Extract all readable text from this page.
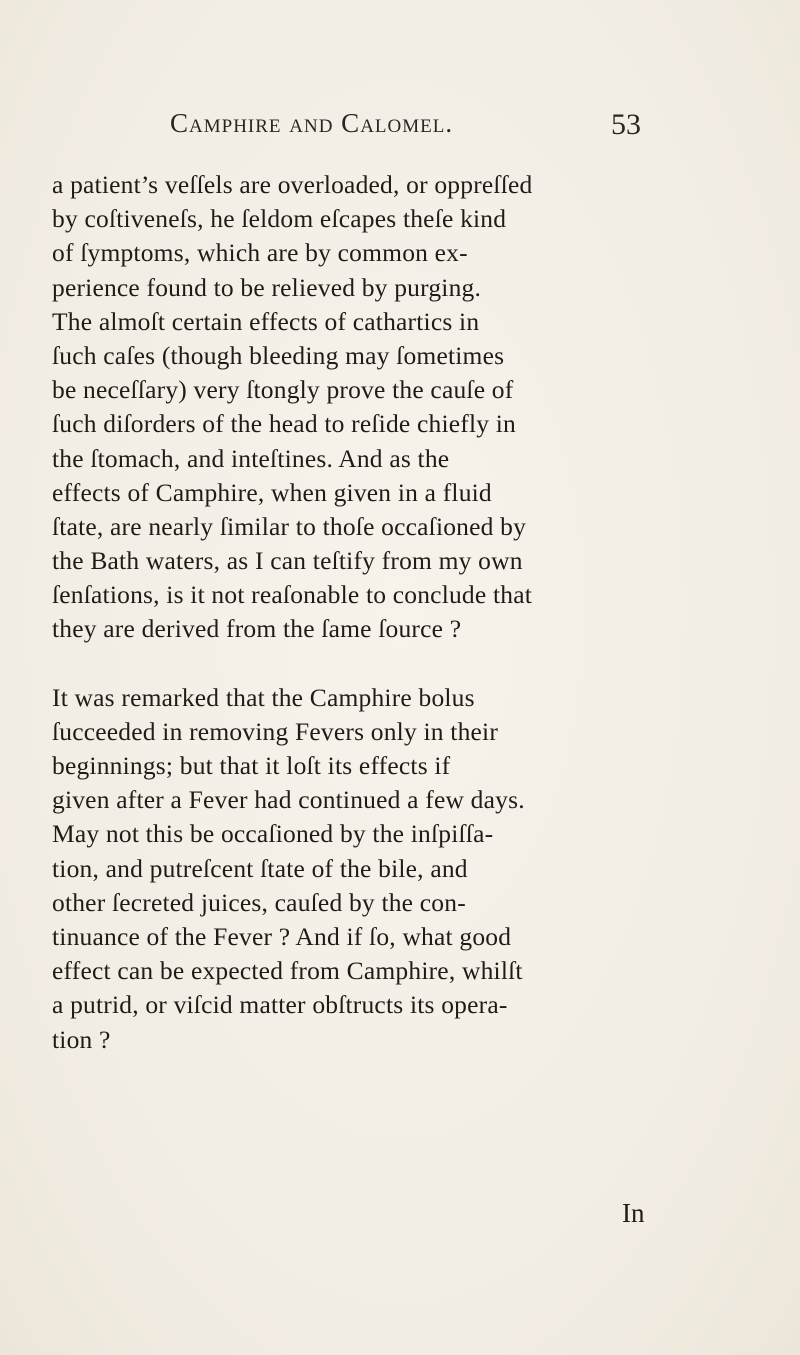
Camphire and Calomel.	53
a patient’s veſſels are overloaded, or oppreſſed
by coſtiveneſs, he ſeldom eſcapes theſe kind
of ſymptoms, which are by common ex-
perience found to be relieved by purging.
The almoſt certain effects of cathartics in
ſuch caſes (though bleeding may ſometimes
be neceſſary) very ſtongly prove the cauſe of
ſuch diſorders of the head to reſide chiefly in
the ſtomach, and inteſtines. And as the
effects of Camphire, when given in a fluid
ſtate, are nearly ſimilar to thoſe occaſioned by
the Bath waters, as I can teſtify from my own
ſenſations, is it not reaſonable to conclude that
they are derived from the ſame ſource ?
It was remarked that the Camphire bolus
ſucceeded in removing Fevers only in their
beginnings; but that it loſt its effects if
given after a Fever had continued a few days.
May not this be occaſioned by the inſpiſſa-
tion, and putreſcent ſtate of the bile, and
other ſecreted juices, cauſed by the con-
tinuance of the Fever ? And if ſo, what good
effect can be expected from Camphire, whilſt
a putrid, or viſcid matter obſtructs its opera-
tion ?
In
